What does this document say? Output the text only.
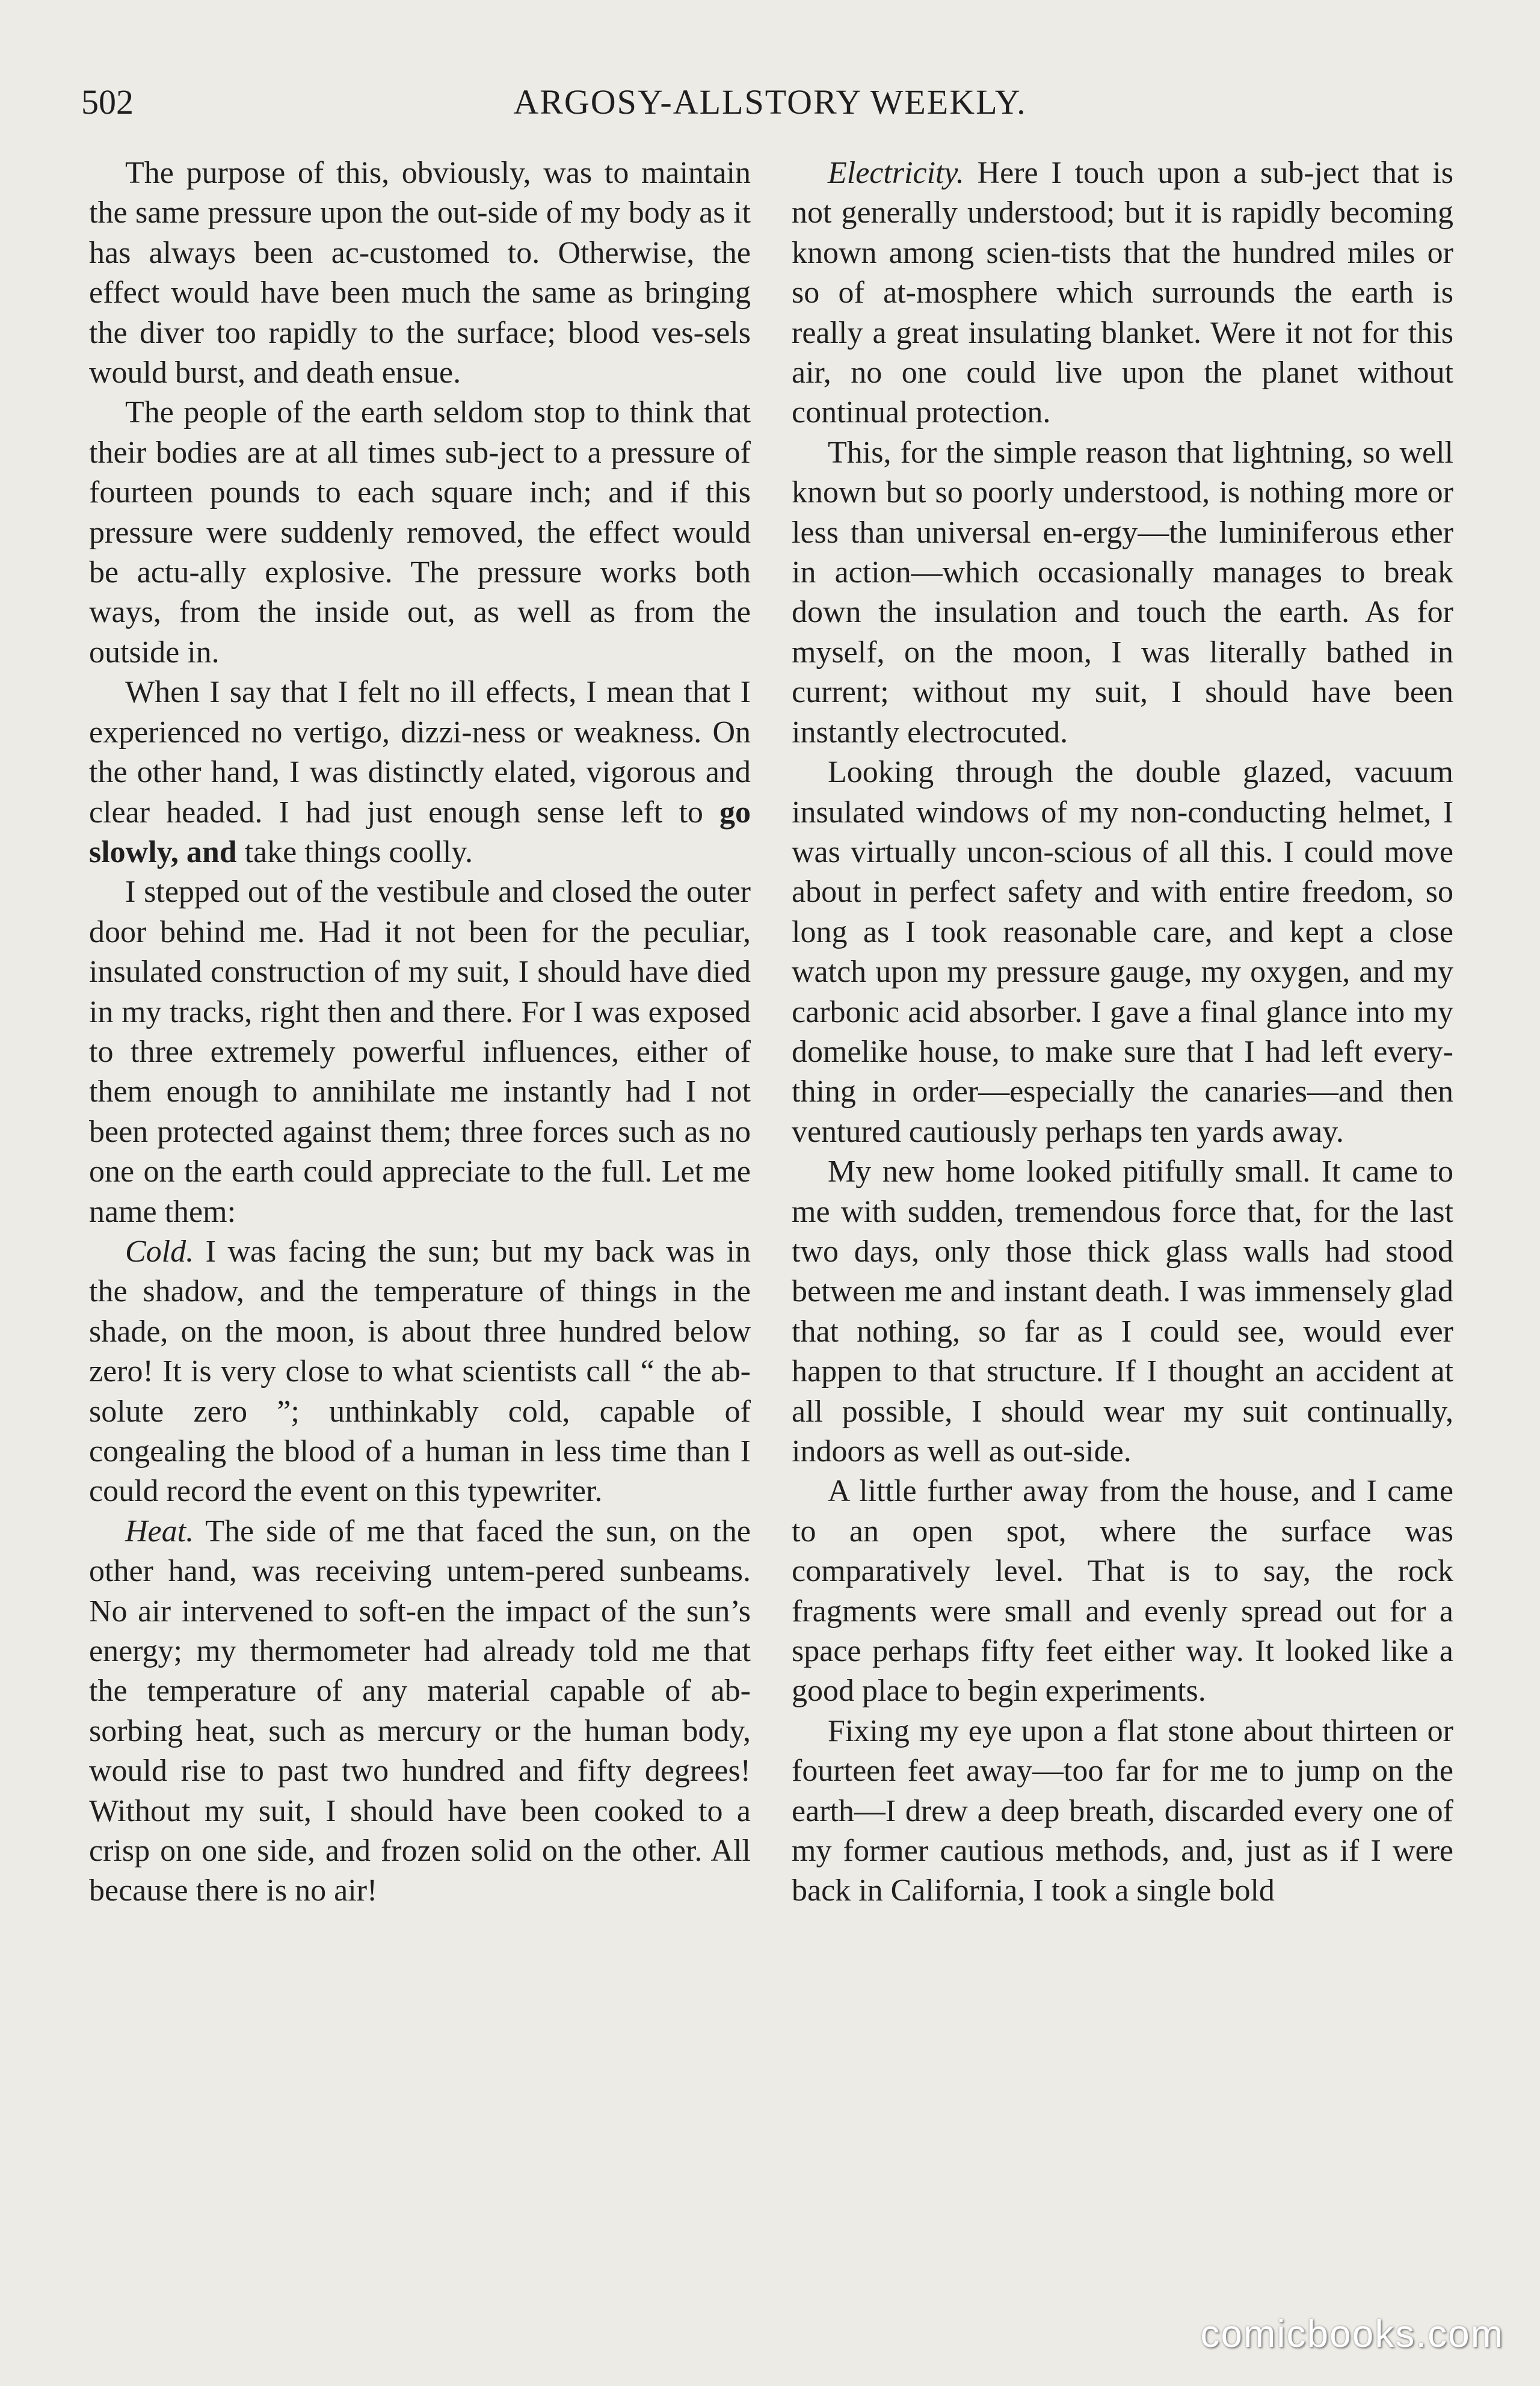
502	ARGOSY-ALLSTORY WEEKLY.

The purpose of this, obviously, was to maintain the same pressure upon the out-side of my body as it has always been ac-customed to. Otherwise, the effect would have been much the same as bringing the diver too rapidly to the surface; blood ves-sels would burst, and death ensue.

The people of the earth seldom stop to think that their bodies are at all times sub-ject to a pressure of fourteen pounds to each square inch; and if this pressure were suddenly removed, the effect would be actu-ally explosive. The pressure works both ways, from the inside out, as well as from the outside in.

When I say that I felt no ill effects, I mean that I experienced no vertigo, dizzi-ness or weakness. On the other hand, I was distinctly elated, vigorous and clear headed. I had just enough sense left to go slowly, and take things coolly.

I stepped out of the vestibule and closed the outer door behind me. Had it not been for the peculiar, insulated construction of my suit, I should have died in my tracks, right then and there. For I was exposed to three extremely powerful influences, either of them enough to annihilate me instantly had I not been protected against them; three forces such as no one on the earth could appreciate to the full. Let me name them:

Cold. I was facing the sun; but my back was in the shadow, and the temperature of things in the shade, on the moon, is about three hundred below zero! It is very close to what scientists call “ the ab-solute zero ”; unthinkably cold, capable of congealing the blood of a human in less time than I could record the event on this typewriter.

Heat. The side of me that faced the sun, on the other hand, was receiving untem-pered sunbeams. No air intervened to soft-en the impact of the sun’s energy; my thermometer had already told me that the temperature of any material capable of ab-sorbing heat, such as mercury or the human body, would rise to past two hundred and fifty degrees! Without my suit, I should have been cooked to a crisp on one side, and frozen solid on the other. All because there is no air!

Electricity. Here I touch upon a sub-ject that is not generally understood; but it is rapidly becoming known among scien-tists that the hundred miles or so of at-mosphere which surrounds the earth is really a great insulating blanket. Were it not for this air, no one could live upon the planet without continual protection.

This, for the simple reason that lightning, so well known but so poorly understood, is nothing more or less than universal en-ergy—the luminiferous ether in action—which occasionally manages to break down the insulation and touch the earth. As for myself, on the moon, I was literally bathed in current; without my suit, I should have been instantly electrocuted.

Looking through the double glazed, vacuum insulated windows of my non-conducting helmet, I was virtually uncon-scious of all this. I could move about in perfect safety and with entire freedom, so long as I took reasonable care, and kept a close watch upon my pressure gauge, my oxygen, and my carbonic acid absorber. I gave a final glance into my domelike house, to make sure that I had left every-thing in order—especially the canaries—and then ventured cautiously perhaps ten yards away.

My new home looked pitifully small. It came to me with sudden, tremendous force that, for the last two days, only those thick glass walls had stood between me and instant death. I was immensely glad that nothing, so far as I could see, would ever happen to that structure. If I thought an accident at all possible, I should wear my suit continually, indoors as well as out-side.

A little further away from the house, and I came to an open spot, where the surface was comparatively level. That is to say, the rock fragments were small and evenly spread out for a space perhaps fifty feet either way. It looked like a good place to begin experiments.

Fixing my eye upon a flat stone about thirteen or fourteen feet away—too far for me to jump on the earth—I drew a deep breath, discarded every one of my former cautious methods, and, just as if I were back in California, I took a single bold

comicbooks.com
